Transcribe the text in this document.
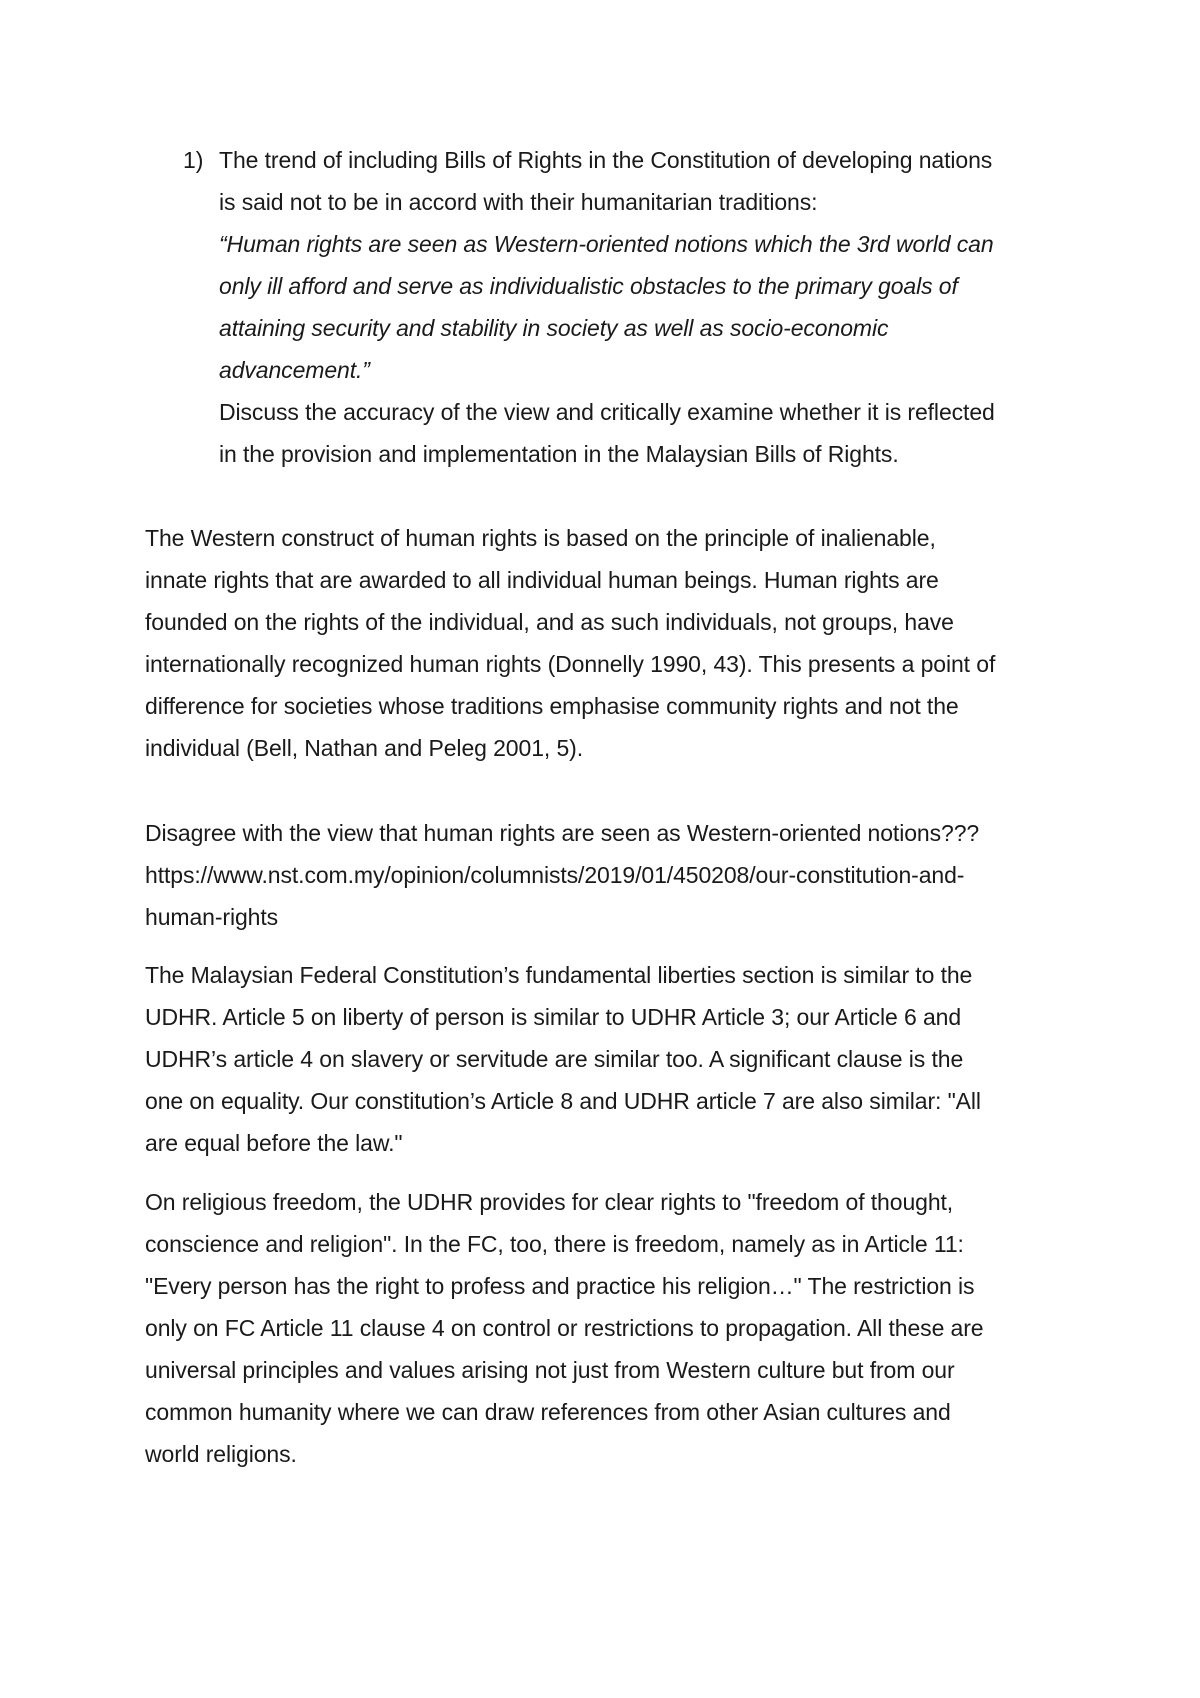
1) The trend of including Bills of Rights in the Constitution of developing nations
is said not to be in accord with their humanitarian traditions:
“Human rights are seen as Western-oriented notions which the 3rd world can
only ill afford and serve as individualistic obstacles to the primary goals of
attaining security and stability in society as well as socio-economic
advancement.”
Discuss the accuracy of the view and critically examine whether it is reflected
in the provision and implementation in the Malaysian Bills of Rights.
The Western construct of human rights is based on the principle of inalienable,
innate rights that are awarded to all individual human beings. Human rights are
founded on the rights of the individual, and as such individuals, not groups, have
internationally recognized human rights (Donnelly 1990, 43). This presents a point of
difference for societies whose traditions emphasise community rights and not the
individual (Bell, Nathan and Peleg 2001, 5).
Disagree with the view that human rights are seen as Western-oriented notions???
https://www.nst.com.my/opinion/columnists/2019/01/450208/our-constitution-and-
human-rights
The Malaysian Federal Constitution’s fundamental liberties section is similar to the
UDHR. Article 5 on liberty of person is similar to UDHR Article 3; our Article 6 and
UDHR’s article 4 on slavery or servitude are similar too. A significant clause is the
one on equality. Our constitution’s Article 8 and UDHR article 7 are also similar: "All
are equal before the law."
On religious freedom, the UDHR provides for clear rights to "freedom of thought,
conscience and religion". In the FC, too, there is freedom, namely as in Article 11:
"Every person has the right to profess and practice his religion…" The restriction is
only on FC Article 11 clause 4 on control or restrictions to propagation. All these are
universal principles and values arising not just from Western culture but from our
common humanity where we can draw references from other Asian cultures and
world religions.
